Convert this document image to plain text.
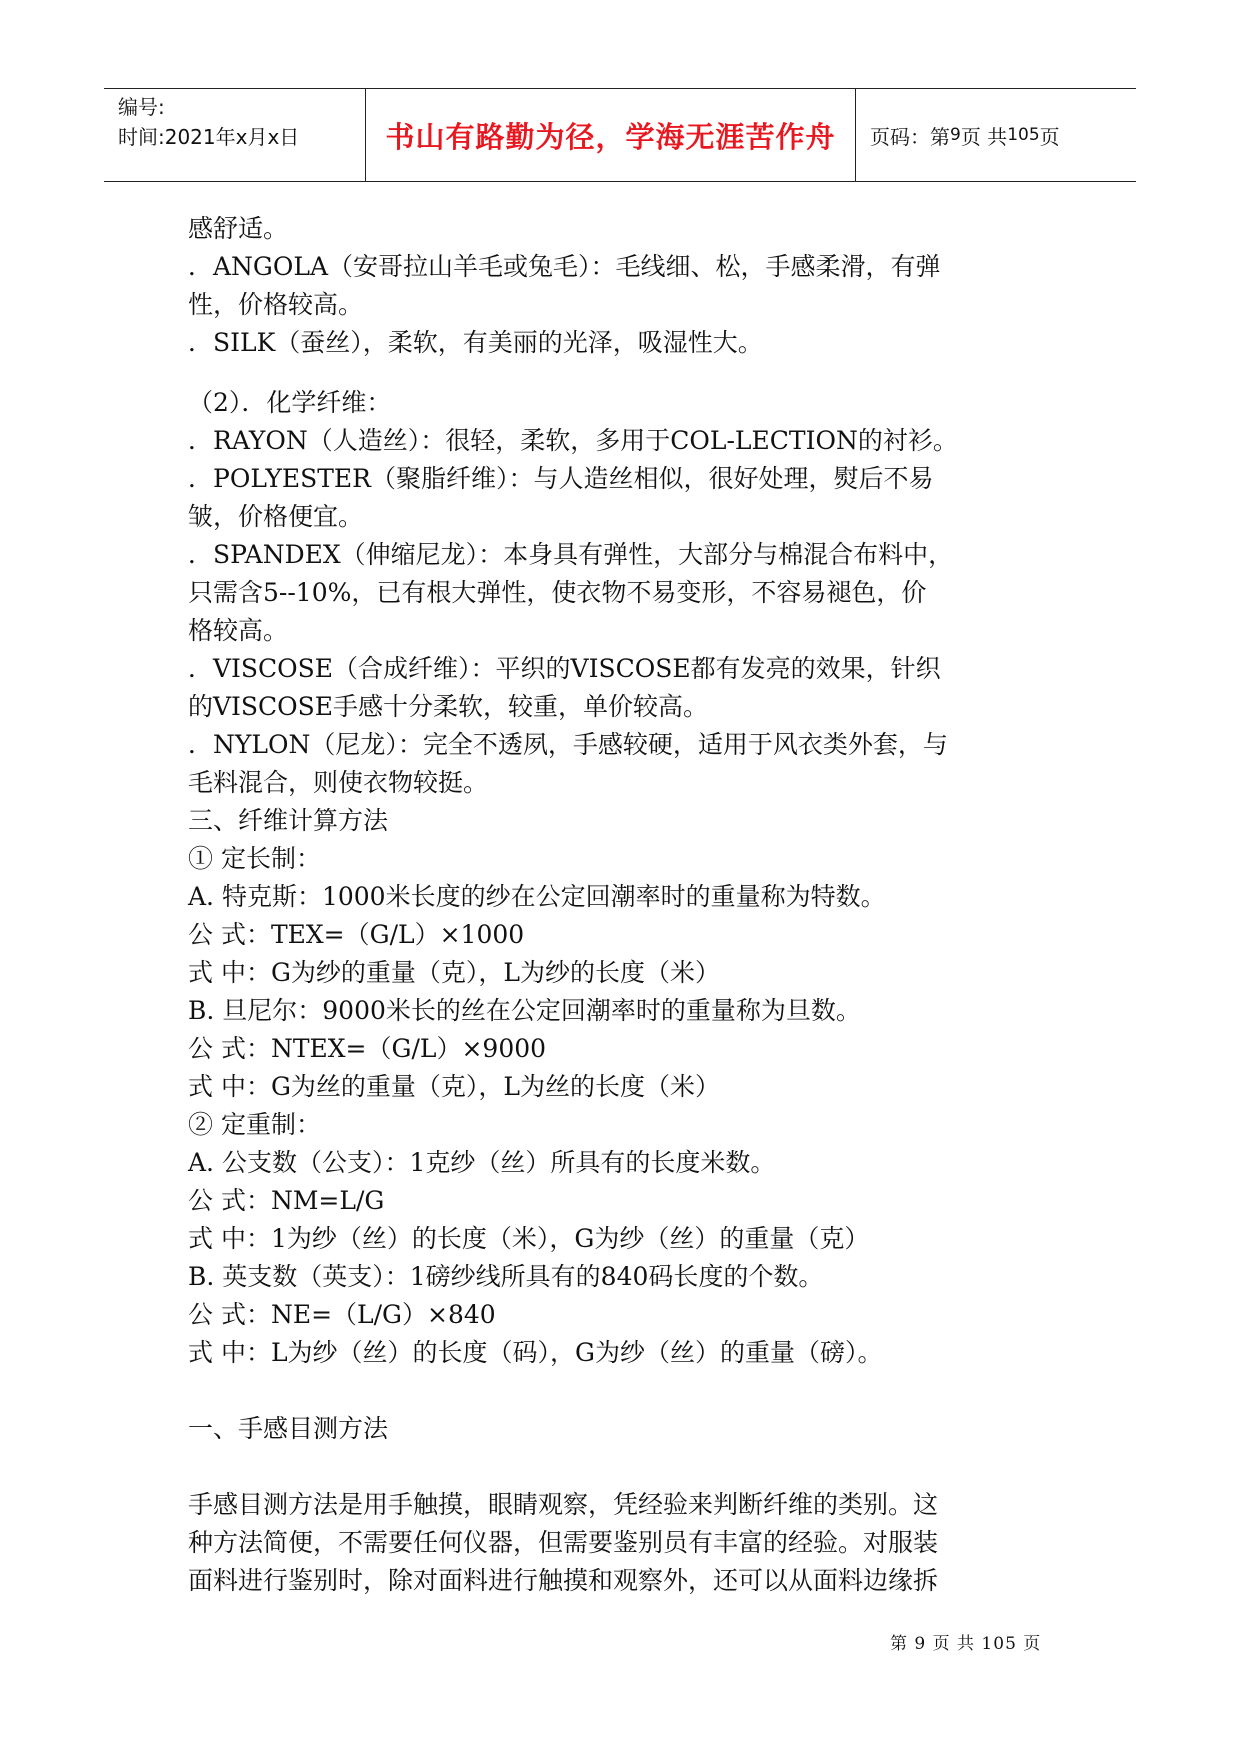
编号:
时间:2021年x月x日	书山有路勤为径，学海无涯苦作舟	页码：第 9 页 共 105 页
感舒适。
．ANGOLA（安哥拉山羊毛或兔毛）：毛线细、松，手感柔滑，有弹
性，价格较高。
．SILK（蚕丝），柔软，有美丽的光泽，吸湿性大。
（2）．化学纤维：
．RAYON（人造丝）：很轻，柔软，多用于COL-LECTION的衬衫。
．POLYESTER（聚脂纤维）：与人造丝相似，很好处理，熨后不易
皱，价格便宜。
．SPANDEX（伸缩尼龙）：本身具有弹性，大部分与棉混合布料中，
只需含5--10%，已有根大弹性，使衣物不易变形，不容易褪色，价
格较高。
．VISCOSE（合成纤维）：平织的VISCOSE都有发亮的效果，针织
的VISCOSE手感十分柔软，较重，单价较高。
．NYLON（尼龙）：完全不透夙，手感较硬，适用于风衣类外套，与
毛料混合，则使衣物较挺。
三、纤维计算方法
① 定长制：
A. 特克斯：1000米长度的纱在公定回潮率时的重量称为特数。
公 式：TEX=（G/L）×1000
式 中：G为纱的重量（克），L为纱的长度（米）
B. 旦尼尔：9000米长的丝在公定回潮率时的重量称为旦数。
公 式：NTEX=（G/L）×9000
式 中：G为丝的重量（克），L为丝的长度（米）
② 定重制：
A. 公支数（公支）：1克纱（丝）所具有的长度米数。
公 式：NM=L/G
式 中：1为纱（丝）的长度（米），G为纱（丝）的重量（克）
B. 英支数（英支）：1磅纱线所具有的840码长度的个数。
公 式：NE=（L/G）×840
式 中：L为纱（丝）的长度（码），G为纱（丝）的重量（磅）。
一、手感目测方法
手感目测方法是用手触摸，眼睛观察，凭经验来判断纤维的类别。这
种方法简便，不需要任何仪器，但需要鉴别员有丰富的经验。对服装
面料进行鉴别时，除对面料进行触摸和观察外，还可以从面料边缘拆
第 9 页 共 105 页
